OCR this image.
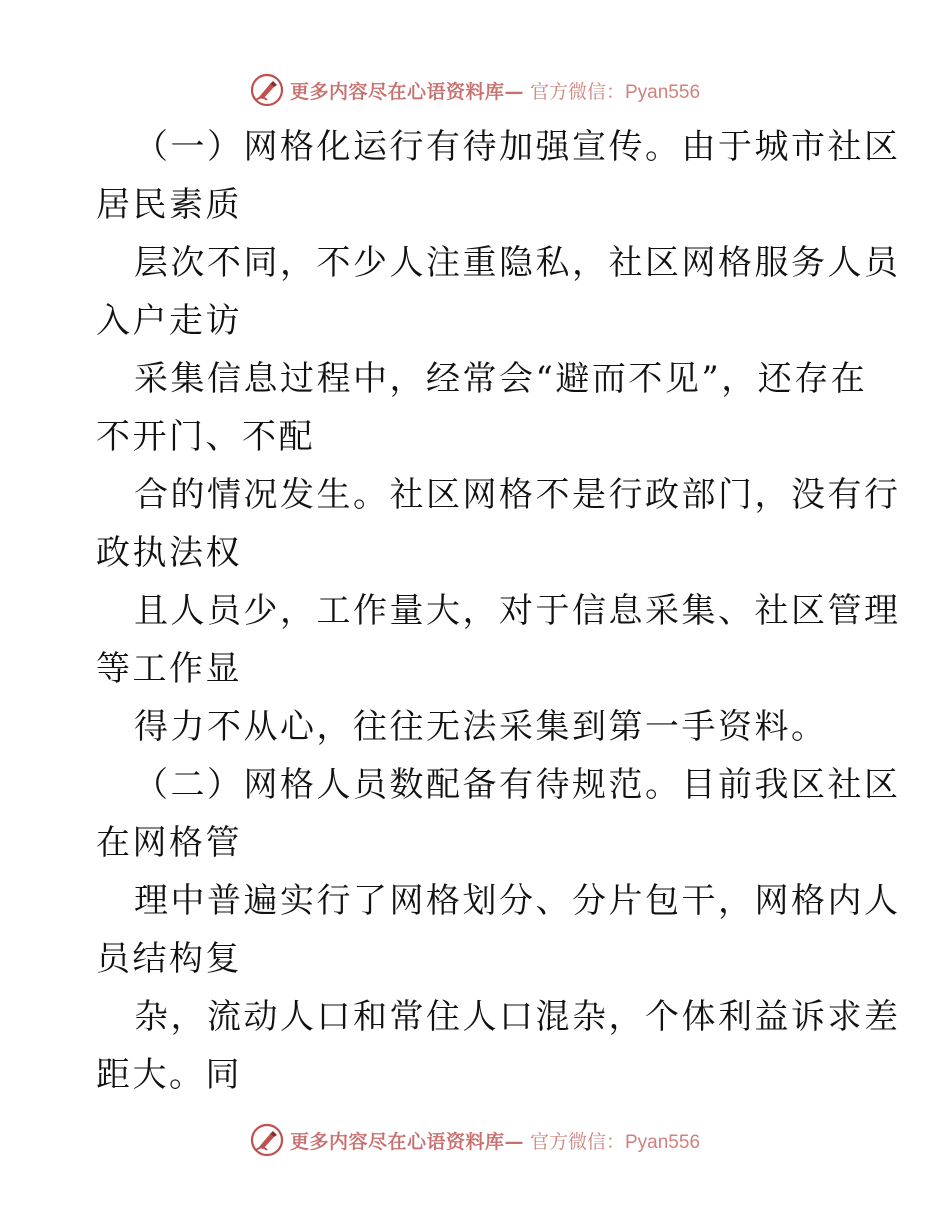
更多内容尽在心语资料库— 官方微信：Pyan556
（一）网格化运行有待加强宣传。由于城市社区
居民素质
层次不同，不少人注重隐私，社区网格服务人员
入户走访
采集信息过程中，经常会“避而不见”，还存在
不开门、不配
合的情况发生。社区网格不是行政部门，没有行
政执法权
且人员少，工作量大，对于信息采集、社区管理
等工作显
得力不从心，往往无法采集到第一手资料。
（二）网格人员数配备有待规范。目前我区社区
在网格管
理中普遍实行了网格划分、分片包干，网格内人
员结构复
杂，流动人口和常住人口混杂，个体利益诉求差
距大。同
更多内容尽在心语资料库— 官方微信：Pyan556
